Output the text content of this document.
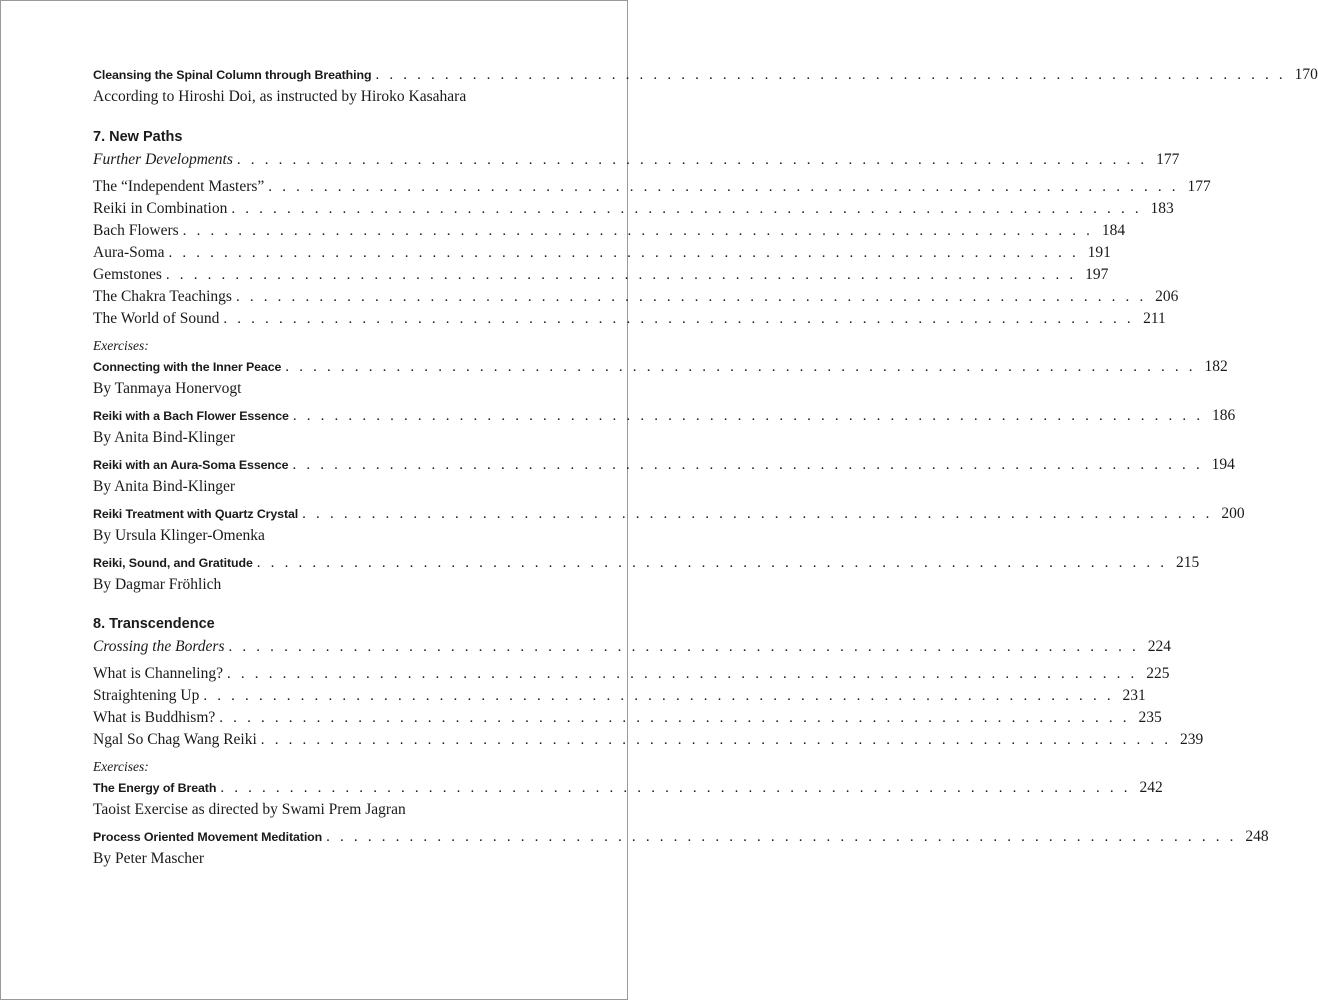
Cleansing the Spinal Column through Breathing . . . . . . . . . . . . . . . . . . . . . . . . . . . . . . . . . . . . . . . . . . . . . . . . . . . . . . . . . . . . . . . . . . 170
According to Hiroshi Doi, as instructed by Hiroko Kasahara
7. New Paths
Further Developments . . . . . . . . . . . . . . . . . . . . . . . . . . . . . . . . . . . . . . . . . . . . . . . . . . . . . . . . . . . . . . . . . . 177
The “Independent Masters” . . . . . . . . . . . . . . . . . . . . . . . . . . . . . . . . . . . . . . . . . . . . . . . . . . . . . . . . . . . . . . . . . . 177
Reiki in Combination . . . . . . . . . . . . . . . . . . . . . . . . . . . . . . . . . . . . . . . . . . . . . . . . . . . . . . . . . . . . . . . . . . 183
Bach Flowers . . . . . . . . . . . . . . . . . . . . . . . . . . . . . . . . . . . . . . . . . . . . . . . . . . . . . . . . . . . . . . . . . . 184
Aura-Soma . . . . . . . . . . . . . . . . . . . . . . . . . . . . . . . . . . . . . . . . . . . . . . . . . . . . . . . . . . . . . . . . . . 191
Gemstones . . . . . . . . . . . . . . . . . . . . . . . . . . . . . . . . . . . . . . . . . . . . . . . . . . . . . . . . . . . . . . . . . . 197
The Chakra Teachings . . . . . . . . . . . . . . . . . . . . . . . . . . . . . . . . . . . . . . . . . . . . . . . . . . . . . . . . . . . . . . . . . . 206
The World of Sound . . . . . . . . . . . . . . . . . . . . . . . . . . . . . . . . . . . . . . . . . . . . . . . . . . . . . . . . . . . . . . . . . . 211
Exercises:
Connecting with the Inner Peace . . . . . . . . . . . . . . . . . . . . . . . . . . . . . . . . . . . . . . . . . . . . . . . . . . . . . . . . . . . . . . . . . . 182
By Tanmaya Honervogt
Reiki with a Bach Flower Essence . . . . . . . . . . . . . . . . . . . . . . . . . . . . . . . . . . . . . . . . . . . . . . . . . . . . . . . . . . . . . . . . . . 186
By Anita Bind-Klinger
Reiki with an Aura-Soma Essence . . . . . . . . . . . . . . . . . . . . . . . . . . . . . . . . . . . . . . . . . . . . . . . . . . . . . . . . . . . . . . . . . . 194
By Anita Bind-Klinger
Reiki Treatment with Quartz Crystal . . . . . . . . . . . . . . . . . . . . . . . . . . . . . . . . . . . . . . . . . . . . . . . . . . . . . . . . . . . . . . . . . . 200
By Ursula Klinger-Omenka
Reiki, Sound, and Gratitude . . . . . . . . . . . . . . . . . . . . . . . . . . . . . . . . . . . . . . . . . . . . . . . . . . . . . . . . . . . . . . . . . . 215
By Dagmar Fröhlich
8. Transcendence
Crossing the Borders . . . . . . . . . . . . . . . . . . . . . . . . . . . . . . . . . . . . . . . . . . . . . . . . . . . . . . . . . . . . . . . . . . 224
What is Channeling? . . . . . . . . . . . . . . . . . . . . . . . . . . . . . . . . . . . . . . . . . . . . . . . . . . . . . . . . . . . . . . . . . . 225
Straightening Up . . . . . . . . . . . . . . . . . . . . . . . . . . . . . . . . . . . . . . . . . . . . . . . . . . . . . . . . . . . . . . . . . . 231
What is Buddhism? . . . . . . . . . . . . . . . . . . . . . . . . . . . . . . . . . . . . . . . . . . . . . . . . . . . . . . . . . . . . . . . . . . 235
Ngal So Chag Wang Reiki . . . . . . . . . . . . . . . . . . . . . . . . . . . . . . . . . . . . . . . . . . . . . . . . . . . . . . . . . . . . . . . . . . 239
Exercises:
The Energy of Breath . . . . . . . . . . . . . . . . . . . . . . . . . . . . . . . . . . . . . . . . . . . . . . . . . . . . . . . . . . . . . . . . . . 242
Taoist Exercise as directed by Swami Prem Jagran
Process Oriented Movement Meditation . . . . . . . . . . . . . . . . . . . . . . . . . . . . . . . . . . . . . . . . . . . . . . . . . . . . . . . . . . . . . . . . . . 248
By Peter Mascher
